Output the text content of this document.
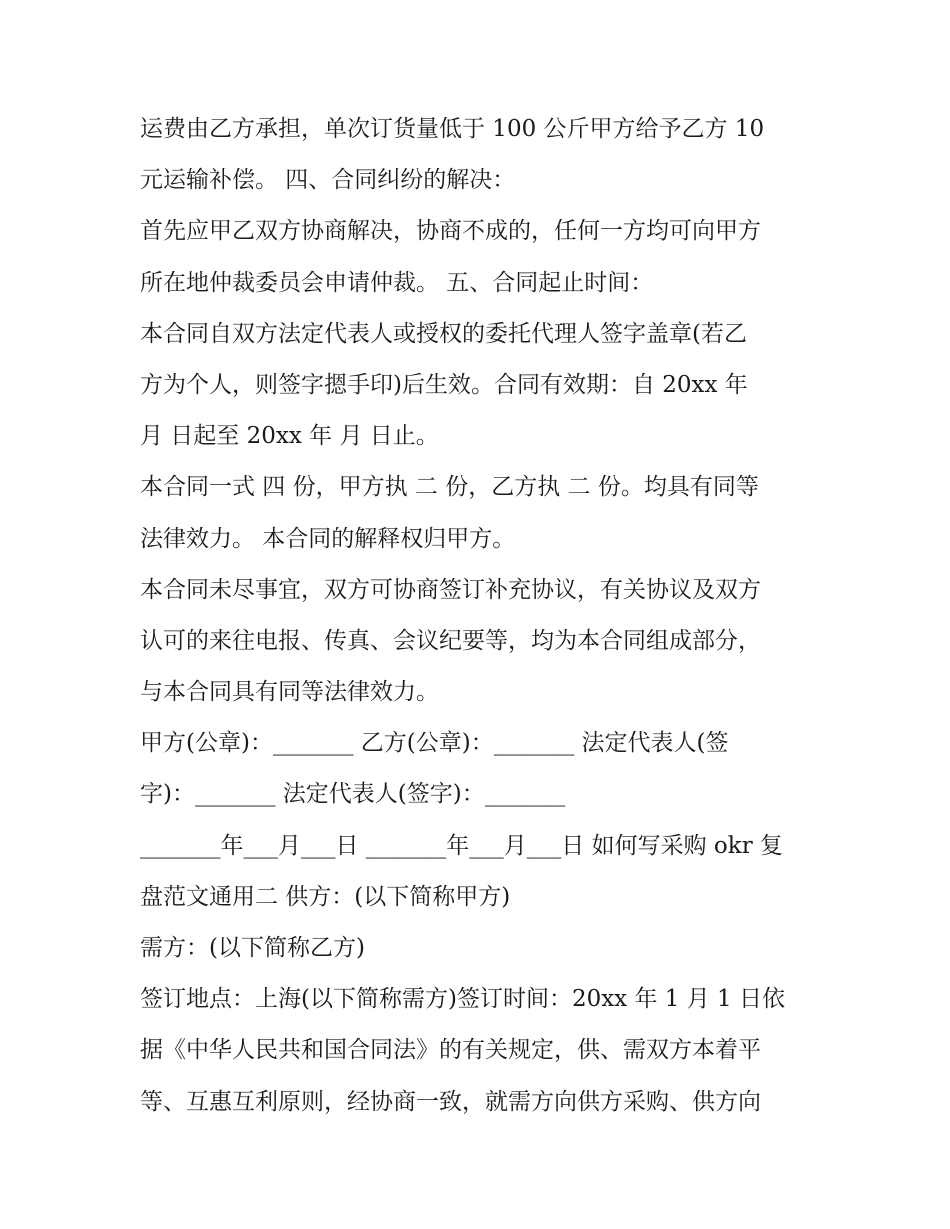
运费由乙方承担，单次订货量低于 100 公斤甲方给予乙方 10
元运输补偿。 四、合同纠纷的解决：
首先应甲乙双方协商解决，协商不成的，任何一方均可向甲方
所在地仲裁委员会申请仲裁。 五、合同起止时间：
本合同自双方法定代表人或授权的委托代理人签字盖章(若乙
方为个人，则签字摁手印)后生效。合同有效期：自 20xx 年
月 日起至 20xx 年 月 日止。
本合同一式 四 份，甲方执 二 份，乙方执 二 份。均具有同等
法律效力。 本合同的解释权归甲方。
本合同未尽事宜，双方可协商签订补充协议，有关协议及双方
认可的来往电报、传真、会议纪要等，均为本合同组成部分，
与本合同具有同等法律效力。
甲方(公章)：_______ 乙方(公章)：_______ 法定代表人(签
字)：_______ 法定代表人(签字)：_______
_______年___月___日 _______年___月___日 如何写采购 okr 复
盘范文通用二 供方：(以下简称甲方)
需方：(以下简称乙方)
签订地点：上海(以下简称需方)签订时间：20xx 年 1 月 1 日依
据《中华人民共和国合同法》的有关规定，供、需双方本着平
等、互惠互利原则，经协商一致，就需方向供方采购、供方向
